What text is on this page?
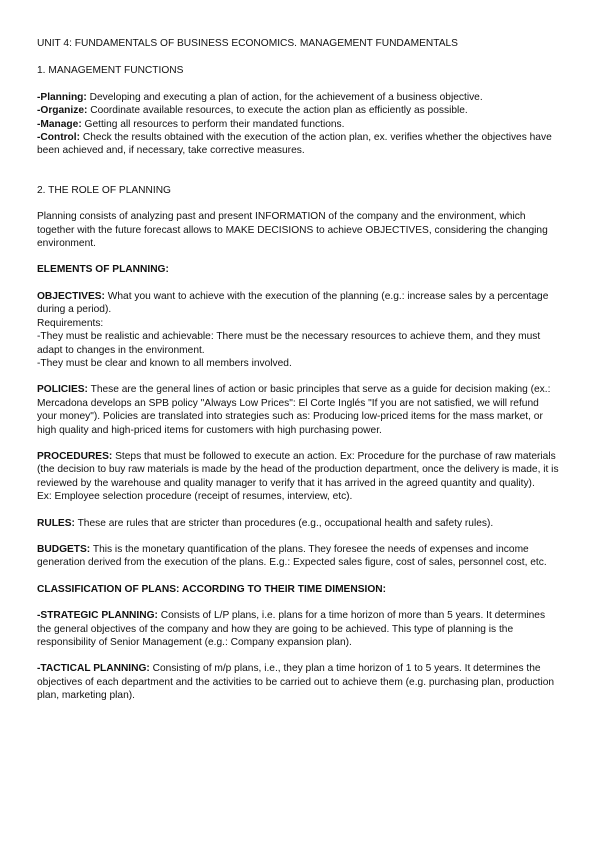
UNIT 4: FUNDAMENTALS OF BUSINESS ECONOMICS. MANAGEMENT FUNDAMENTALS

1. MANAGEMENT FUNCTIONS

-Planning: Developing and executing a plan of action, for the achievement of a business objective.

-Organize: Coordinate available resources, to execute the action plan as efficiently as possible.

-Manage: Getting all resources to perform their mandated functions.

-Control: Check the results obtained with the execution of the action plan, ex. verifies whether the objectives have been achieved and, if necessary, take corrective measures.

2. THE ROLE OF PLANNING

Planning consists of analyzing past and present INFORMATION of the company and the environment, which together with the future forecast allows to MAKE DECISIONS to achieve OBJECTIVES, considering the changing environment.

ELEMENTS OF PLANNING:

OBJECTIVES: What you want to achieve with the execution of the planning (e.g.: increase sales by a percentage during a period).

Requirements:

-They must be realistic and achievable: There must be the necessary resources to achieve them, and they must adapt to changes in the environment.

-They must be clear and known to all members involved.

POLICIES: These are the general lines of action or basic principles that serve as a guide for decision making (ex.: Mercadona develops an SPB policy "Always Low Prices": El Corte Inglés "If you are not satisfied, we will refund your money"). Policies are translated into strategies such as: Producing low-priced items for the mass market, or high quality and high-priced items for customers with high purchasing power.

PROCEDURES: Steps that must be followed to execute an action. Ex: Procedure for the purchase of raw materials (the decision to buy raw materials is made by the head of the production department, once the delivery is made, it is reviewed by the warehouse and quality manager to verify that it has arrived in the agreed quantity and quality).

Ex: Employee selection procedure (receipt of resumes, interview, etc).

RULES: These are rules that are stricter than procedures (e.g., occupational health and safety rules).

BUDGETS: This is the monetary quantification of the plans. They foresee the needs of expenses and income generation derived from the execution of the plans. E.g.: Expected sales figure, cost of sales, personnel cost, etc.

CLASSIFICATION OF PLANS: ACCORDING TO THEIR TIME DIMENSION:

-STRATEGIC PLANNING: Consists of L/P plans, i.e. plans for a time horizon of more than 5 years. It determines the general objectives of the company and how they are going to be achieved. This type of planning is the responsibility of Senior Management (e.g.: Company expansion plan).

-TACTICAL PLANNING: Consisting of m/p plans, i.e., they plan a time horizon of 1 to 5 years. It determines the objectives of each department and the activities to be carried out to achieve them (e.g. purchasing plan, production plan, marketing plan).
